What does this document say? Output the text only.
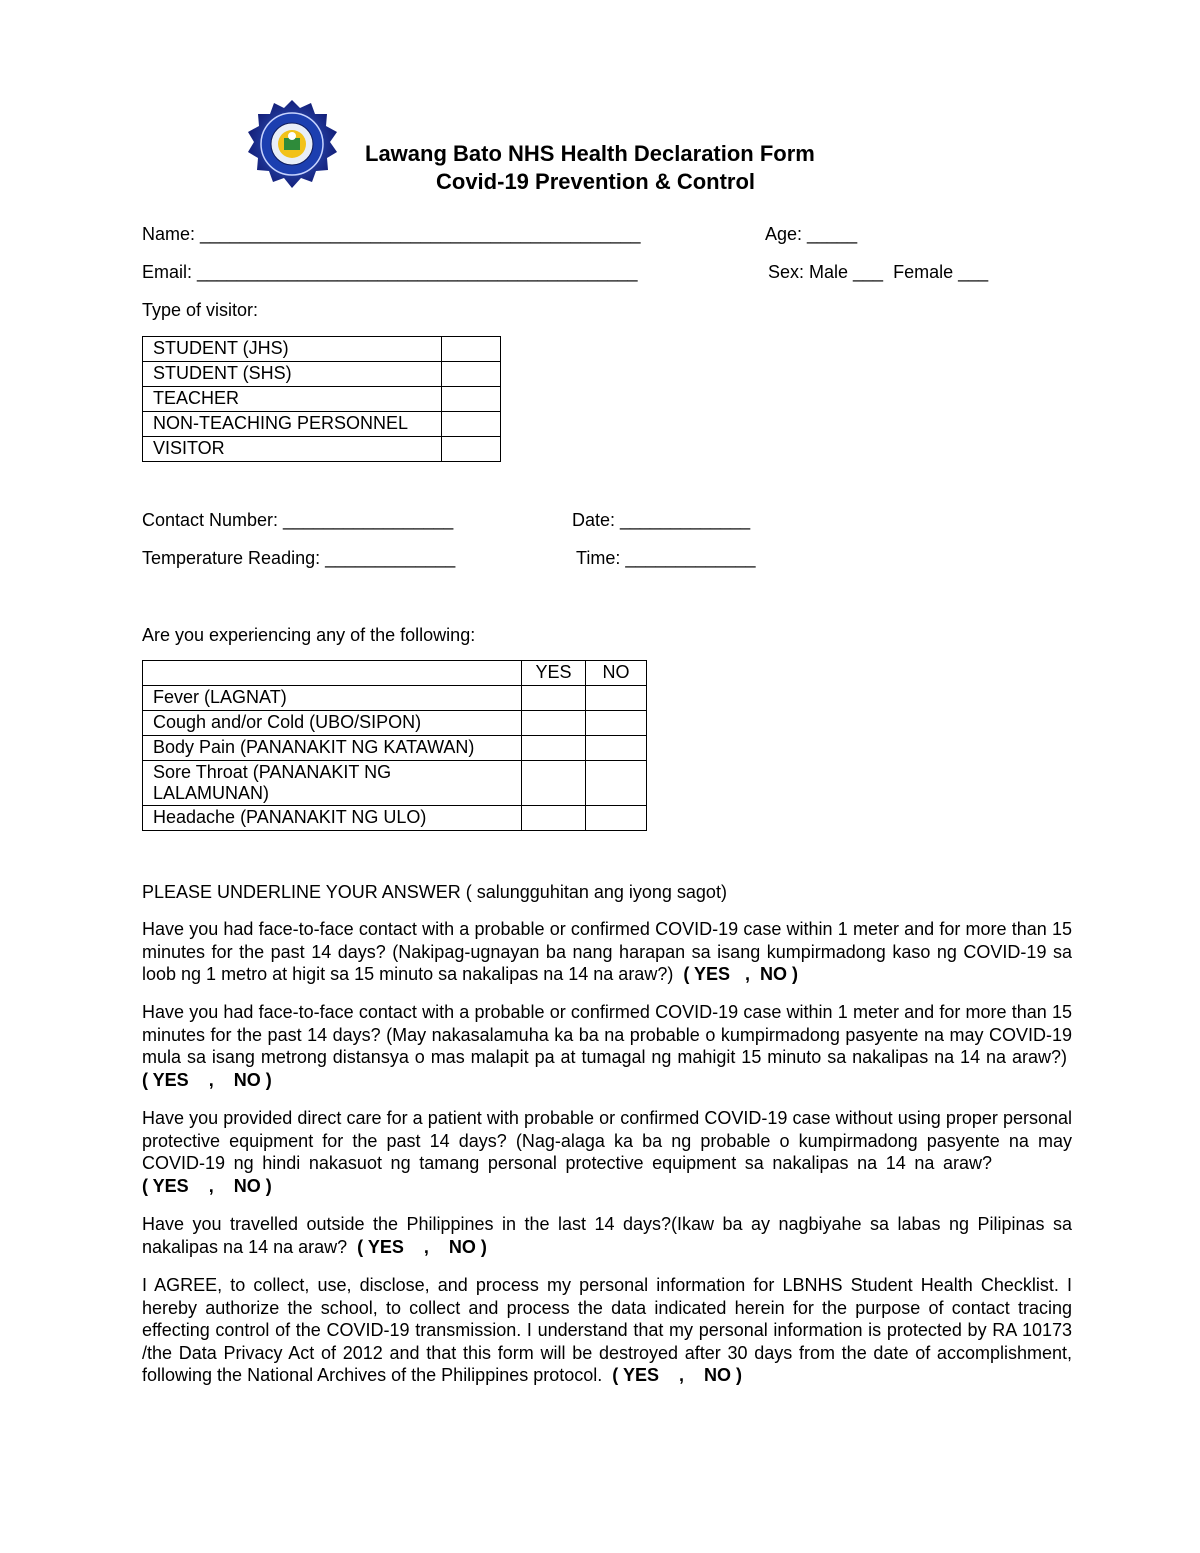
Lawang Bato NHS Health Declaration Form
Covid-19 Prevention & Control
Name: ____________________________________________	Age: _____
Email: ____________________________________________	Sex: Male ___  Female ___
Type of visitor:
STUDENT (JHS)	
STUDENT (SHS)	
TEACHER	
NON-TEACHING PERSONNEL	
VISITOR	
Contact Number: _________________	Date: _____________
Temperature Reading: _____________	Time: _____________
Are you experiencing any of the following:
	YES	NO
Fever (LAGNAT)		
Cough and/or Cold (UBO/SIPON)		
Body Pain (PANANAKIT NG KATAWAN)		
Sore Throat (PANANAKIT NG LALAMUNAN)		
Headache (PANANAKIT NG ULO)		
PLEASE UNDERLINE YOUR ANSWER ( salungguhitan ang iyong sagot)
Have you had face-to-face contact with a probable or confirmed COVID-19 case within 1 meter and for more than 15 minutes for the past 14 days? (Nakipag-ugnayan ba nang harapan sa isang kumpirmadong kaso ng COVID-19 sa loob ng 1 metro at higit sa 15 minuto sa nakalipas na 14 na araw?) ( YES   ,  NO )
Have you had face-to-face contact with a probable or confirmed COVID-19 case within 1 meter and for more than 15 minutes for the past 14 days? (May nakasalamuha ka ba na probable o kumpirmadong pasyente na may COVID-19 mula sa isang metrong distansya o mas malapit pa at tumagal ng mahigit 15 minuto sa nakalipas na 14 na araw?)  ( YES    ,    NO )
Have you provided direct care for a patient with probable or confirmed COVID-19 case without using proper personal protective equipment for the past 14 days? (Nag-alaga ka ba ng probable o kumpirmadong pasyente na may COVID-19 ng hindi nakasuot ng tamang personal protective equipment sa nakalipas na 14 na araw?( YES    ,    NO )
Have you travelled outside the Philippines in the last 14 days?(Ikaw ba ay nagbiyahe sa labas ng Pilipinas sa nakalipas na 14 na araw? ( YES    ,    NO )
I AGREE, to collect, use, disclose, and process my personal information for LBNHS Student Health Checklist. I hereby authorize the school, to collect and process the data indicated herein for the purpose of contact tracing effecting control of the COVID-19 transmission. I understand that my personal information is protected by RA 10173 /the Data Privacy Act of 2012 and that this form will be destroyed after 30 days from the date of accomplishment, following the National Archives of the Philippines protocol. ( YES    ,    NO )
